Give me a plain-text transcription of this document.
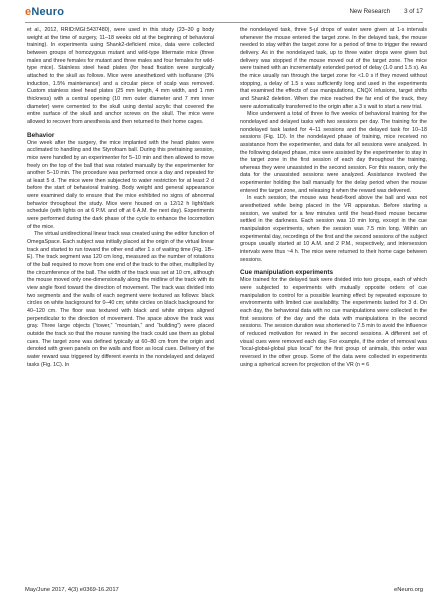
eNeuro	New Research 3 of 17

et al., 2012, RRID:MGI:5437480), were used in this study (23–30 g body weight at the time of surgery, 11–18 weeks old at the beginning of behavioral training). In experiments using Shank2-deficient mice, data were collected between groups of homozygous mutant and wild-type littermate mice (three males and three females for mutant and three males and four females for wild-type mice). Stainless steel head plates (for head fixation were surgically attached to the skull as follows. Mice were anesthetized with isoflurane (3% induction, 1.5% maintenance) and a circular piece of scalp was removed. Custom stainless steel head plates (25 mm length, 4 mm width, and 1 mm thickness) with a central opening (10 mm outer diameter and 7 mm inner diameter) were cemented to the skull using dental acrylic that covered the entire surface of the skull and anchor screws on the skull. The mice were allowed to recover from anesthesia and then returned to their home cages.

Behavior

One week after the surgery, the mice implanted with the head plates were acclimated to handling and the Styrofoam ball. During this pretraining session, mice were handled by an experimenter for 5–10 min and then allowed to move freely on the top of the ball that was rotated manually by the experimenter for another 5–10 min. The procedure was performed once a day and repeated for at least 5 d. The mice were then subjected to water restriction for at least 2 d before the start of behavioral training. Body weight and general appearance were examined daily to ensure that the mice exhibited no signs of abnormal behavior throughout the study. Mice were housed on a 12/12 h light/dark schedule (with lights on at 6 P.M. and off at 6 A.M. the next day). Experiments were performed during the dark phase of the cycle to enhance the locomotion of the mice.

The virtual unidirectional linear track was created using the editor function of OmegaSpace. Each subject was initially placed at the origin of the virtual linear track and started to run toward the other end after 1 s of waiting time (Fig. 1B–E). The track segment was 120 cm long, measured as the number of rotations of the ball required to move from one end of the track to the other, multiplied by the circumference of the ball. The width of the track was set at 10 cm, although the mouse moved only one-dimensionally along the midline of the track with its view angle fixed toward the direction of movement. The track was divided into two segments and the walls of each segment were textured as follows: black circles on white background for 0–40 cm; white circles on black background for 40–120 cm. The floor was textured with black and white stripes aligned perpendicular to the direction of movement. The space above the track was gray. Three large objects (“tower,” “mountain,” and “building”) were placed outside the track so that the mouse running the track could use them as global cues. The target zone was defined typically at 60–80 cm from the origin and denoted with green panels on the walls and floor as local cues. Delivery of the water reward was triggered by different events in the nondelayed and delayed tasks (Fig. 1C). In

the nondelayed task, three 5-μl drops of water were given at 1-s intervals whenever the mouse entered the target zone. In the delayed task, the mouse needed to stay within the target zone for a period of time to trigger the reward delivery. As in the nondelayed task, up to three water drops were given but delivery was stopped if the mouse moved out of the target zone. The mice were trained with an incrementally extended period of delay (1.0 and 1.5 s). As the mice usually ran through the target zone for <1.0 s if they moved without stopping, a delay of 1.5 s was sufficiently long and used in the experiments that examined the effects of cue manipulations, CNQX infusions, target shifts and Shank2 deletion. When the mice reached the far end of the track, they were automatically transferred to the origin after a 3 s wait to start a new trial.

Mice underwent a total of three to five weeks of behavioral training for the nondelayed and delayed tasks with two sessions per day. The training for the nondelayed task lasted for 4–11 sessions and the delayed task for 10–18 sessions (Fig. 1D). In the nondelayed phase of training, mice received no assistance from the experimenter, and data for all sessions were analyzed. In the following delayed phase, mice were assisted by the experimenter to stay in the target zone in the first session of each day throughout the training, whereas they were unassisted in the second session. For this reason, only the data for the unassisted sessions were analyzed. Assistance involved the experimenter holding the ball manually for the delay period when the mouse entered the target zone, and releasing it when the reward was delivered.

In each session, the mouse was head-fixed above the ball and was not anesthetized while being placed in the VR apparatus. Before starting a session, we waited for a few minutes until the head-fixed mouse became settled in the darkness. Each session was 10 min long, except in the cue manipulation experiments, when the session was 7.5 min long. Within an experimental day, recordings of the first and the second sessions of the subject groups usually started at 10 A.M. and 2 P.M., respectively, and intersession intervals were thus ~4 h. The mice were returned to their home cage between sessions.

Cue manipulation experiments

Mice trained for the delayed task were divided into two groups, each of which were subjected to experiments with mutually opposite orders of cue manipulation to control for a possible learning effect by repeated exposure to environments with limited cue availability. The experiments lasted for 3 d. On each day, the behavioral data with no cue manipulations were collected in the first sessions of the day and the data with manipulations in the second sessions. The session duration was shortened to 7.5 min to avoid the influence of reduced motivation for reward in the second sessions. A different set of visual cues were removed each day. For example, if the order of removal was “local-global-global plus local” for the first group of animals, this order was reversed in the other group. Some of the data were collected in experiments using a spherical screen for projection of the VR (n = 6

May/June 2017, 4(3) e0369-16.2017	eNeuro.org
